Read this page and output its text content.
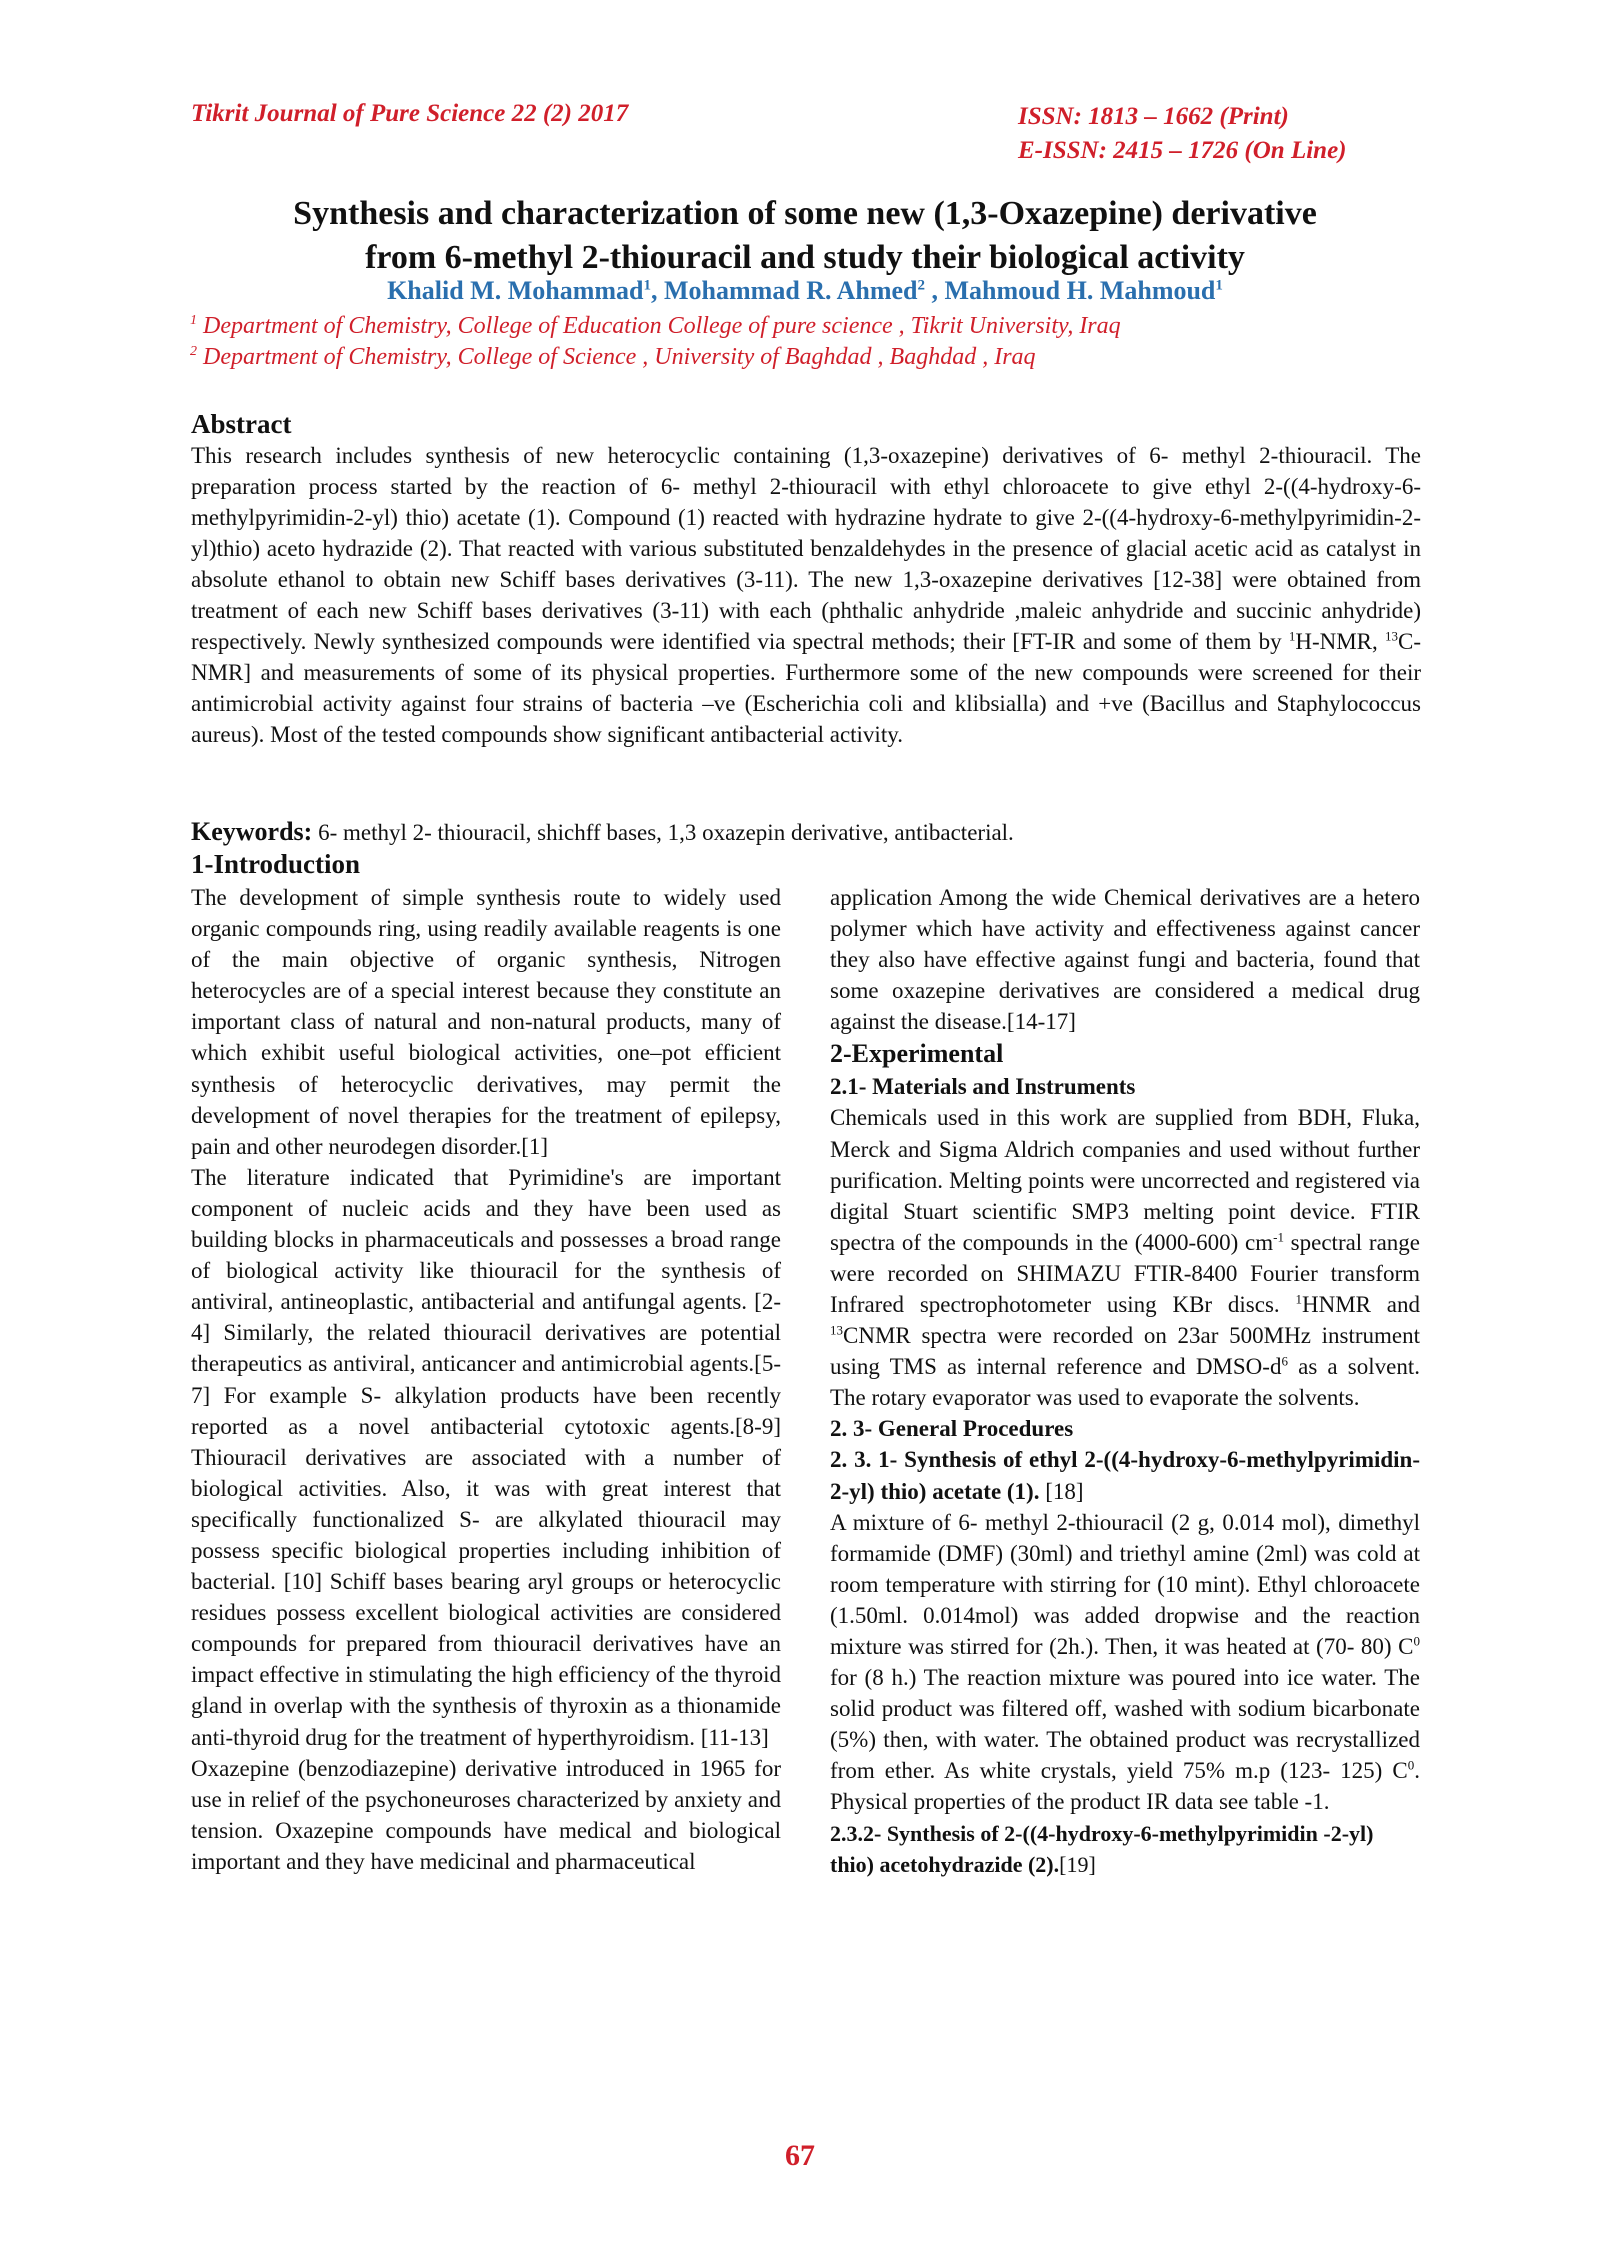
Tikrit Journal of Pure Science 22 (2) 2017	ISSN: 1813 – 1662 (Print)
E-ISSN: 2415 – 1726 (On Line)
Synthesis and characterization of some new (1,3-Oxazepine) derivative
from 6-methyl 2-thiouracil and study their biological activity
Khalid M. Mohammad$^1$, Mohammad R. Ahmed$^2$ , Mahmoud H. Mahmoud$^1$
$^1$ Department of Chemistry, College of Education College of pure science , Tikrit University, Iraq
$^2$ Department of Chemistry, College of Science , University of Baghdad , Baghdad , Iraq
Abstract
This research includes synthesis of new heterocyclic containing (1,3-oxazepine) derivatives of 6- methyl 2-thiouracil. The preparation process started by the reaction of 6- methyl 2-thiouracil with ethyl chloroacete to give ethyl 2-((4-hydroxy-6-methylpyrimidin-2-yl) thio) acetate (1). Compound (1) reacted with hydrazine hydrate to give 2-((4-hydroxy-6-methylpyrimidin-2-yl)thio) aceto hydrazide (2). That reacted with various substituted benzaldehydes in the presence of glacial acetic acid as catalyst in absolute ethanol to obtain new Schiff bases derivatives (3-11). The new 1,3-oxazepine derivatives [12-38] were obtained from treatment of each new Schiff bases derivatives (3-11) with each (phthalic anhydride ,maleic anhydride and succinic anhydride) respectively. Newly synthesized compounds were identified via spectral methods; their [FT-IR and some of them by $^1$H-NMR, $^{13}$C-NMR] and measurements of some of its physical properties. Furthermore some of the new compounds were screened for their antimicrobial activity against four strains of bacteria –ve (Escherichia coli and klibsialla) and +ve (Bacillus and Staphylococcus aureus). Most of the tested compounds show significant antibacterial activity.
Keywords: 6- methyl 2- thiouracil, shichff bases, 1,3 oxazepin derivative, antibacterial.
1-Introduction

The development of simple synthesis route to widely used organic compounds ring, using readily available reagents is one of the main objective of organic synthesis, Nitrogen heterocycles are of a special interest because they constitute an important class of natural and non-natural products, many of which exhibit useful biological activities, one–pot efficient synthesis of heterocyclic derivatives, may permit the development of novel therapies for the treatment of epilepsy, pain and other neurodegen disorder.[1]

The literature indicated that Pyrimidine's are important component of nucleic acids and they have been used as building blocks in pharmaceuticals and possesses a broad range of biological activity like thiouracil for the synthesis of antiviral, antineoplastic, antibacterial and antifungal agents. [2-4] Similarly, the related thiouracil derivatives are potential therapeutics as antiviral, anticancer and antimicrobial agents.[5-7] For example S- alkylation products have been recently reported as a novel antibacterial cytotoxic agents.[8-9] Thiouracil derivatives are associated with a number of biological activities. Also, it was with great interest that specifically functionalized S- are alkylated thiouracil may possess specific biological properties including inhibition of bacterial. [10] Schiff bases bearing aryl groups or heterocyclic residues possess excellent biological activities are considered compounds for prepared from thiouracil derivatives have an impact effective in stimulating the high efficiency of the thyroid gland in overlap with the synthesis of thyroxin as a thionamide anti-thyroid drug for the treatment of hyperthyroidism. [11-13]

Oxazepine (benzodiazepine) derivative introduced in 1965 for use in relief of the psychoneuroses characterized by anxiety and tension. Oxazepine compounds have medical and biological important and they have medicinal and pharmaceutical

application Among the wide Chemical derivatives are a hetero polymer which have activity and effectiveness against cancer they also have effective against fungi and bacteria, found that some oxazepine derivatives are considered a medical drug against the disease.[14-17]

2-Experimental
2.1- Materials and Instruments

Chemicals used in this work are supplied from BDH, Fluka, Merck and Sigma Aldrich companies and used without further purification. Melting points were uncorrected and registered via digital Stuart scientific SMP3 melting point device. FTIR spectra of the compounds in the (4000-600) $cm^{-1}$ spectral range were recorded on SHIMAZU FTIR-8400 Fourier transform Infrared spectrophotometer using KBr discs. $^1$HNMR and $^{13}$CNMR spectra were recorded on 23ar 500MHz instrument using TMS as internal reference and DMSO-$d^6$ as a solvent. The rotary evaporator was used to evaporate the solvents.

2. 3- General Procedures

2. 3. 1- Synthesis of ethyl 2-((4-hydroxy-6-methylpyrimidin-2-yl) thio) acetate (1). [18]

A mixture of 6- methyl 2-thiouracil (2 g, 0.014 mol), dimethyl formamide (DMF) (30ml) and triethyl amine (2ml) was cold at room temperature with stirring for (10 mint). Ethyl chloroacete (1.50ml. 0.014mol) was added dropwise and the reaction mixture was stirred for (2h.). Then, it was heated at (70- 80) $C^0$ for (8 h.) The reaction mixture was poured into ice water. The solid product was filtered off, washed with sodium bicarbonate (5%) then, with water. The obtained product was recrystallized from ether. As white crystals, yield 75% m.p (123- 125) $C^0$. Physical properties of the product IR data see table -1.

2.3.2- Synthesis of 2-((4-hydroxy-6-methylpyrimidin -2-yl) thio) acetohydrazide (2).[19]
67
